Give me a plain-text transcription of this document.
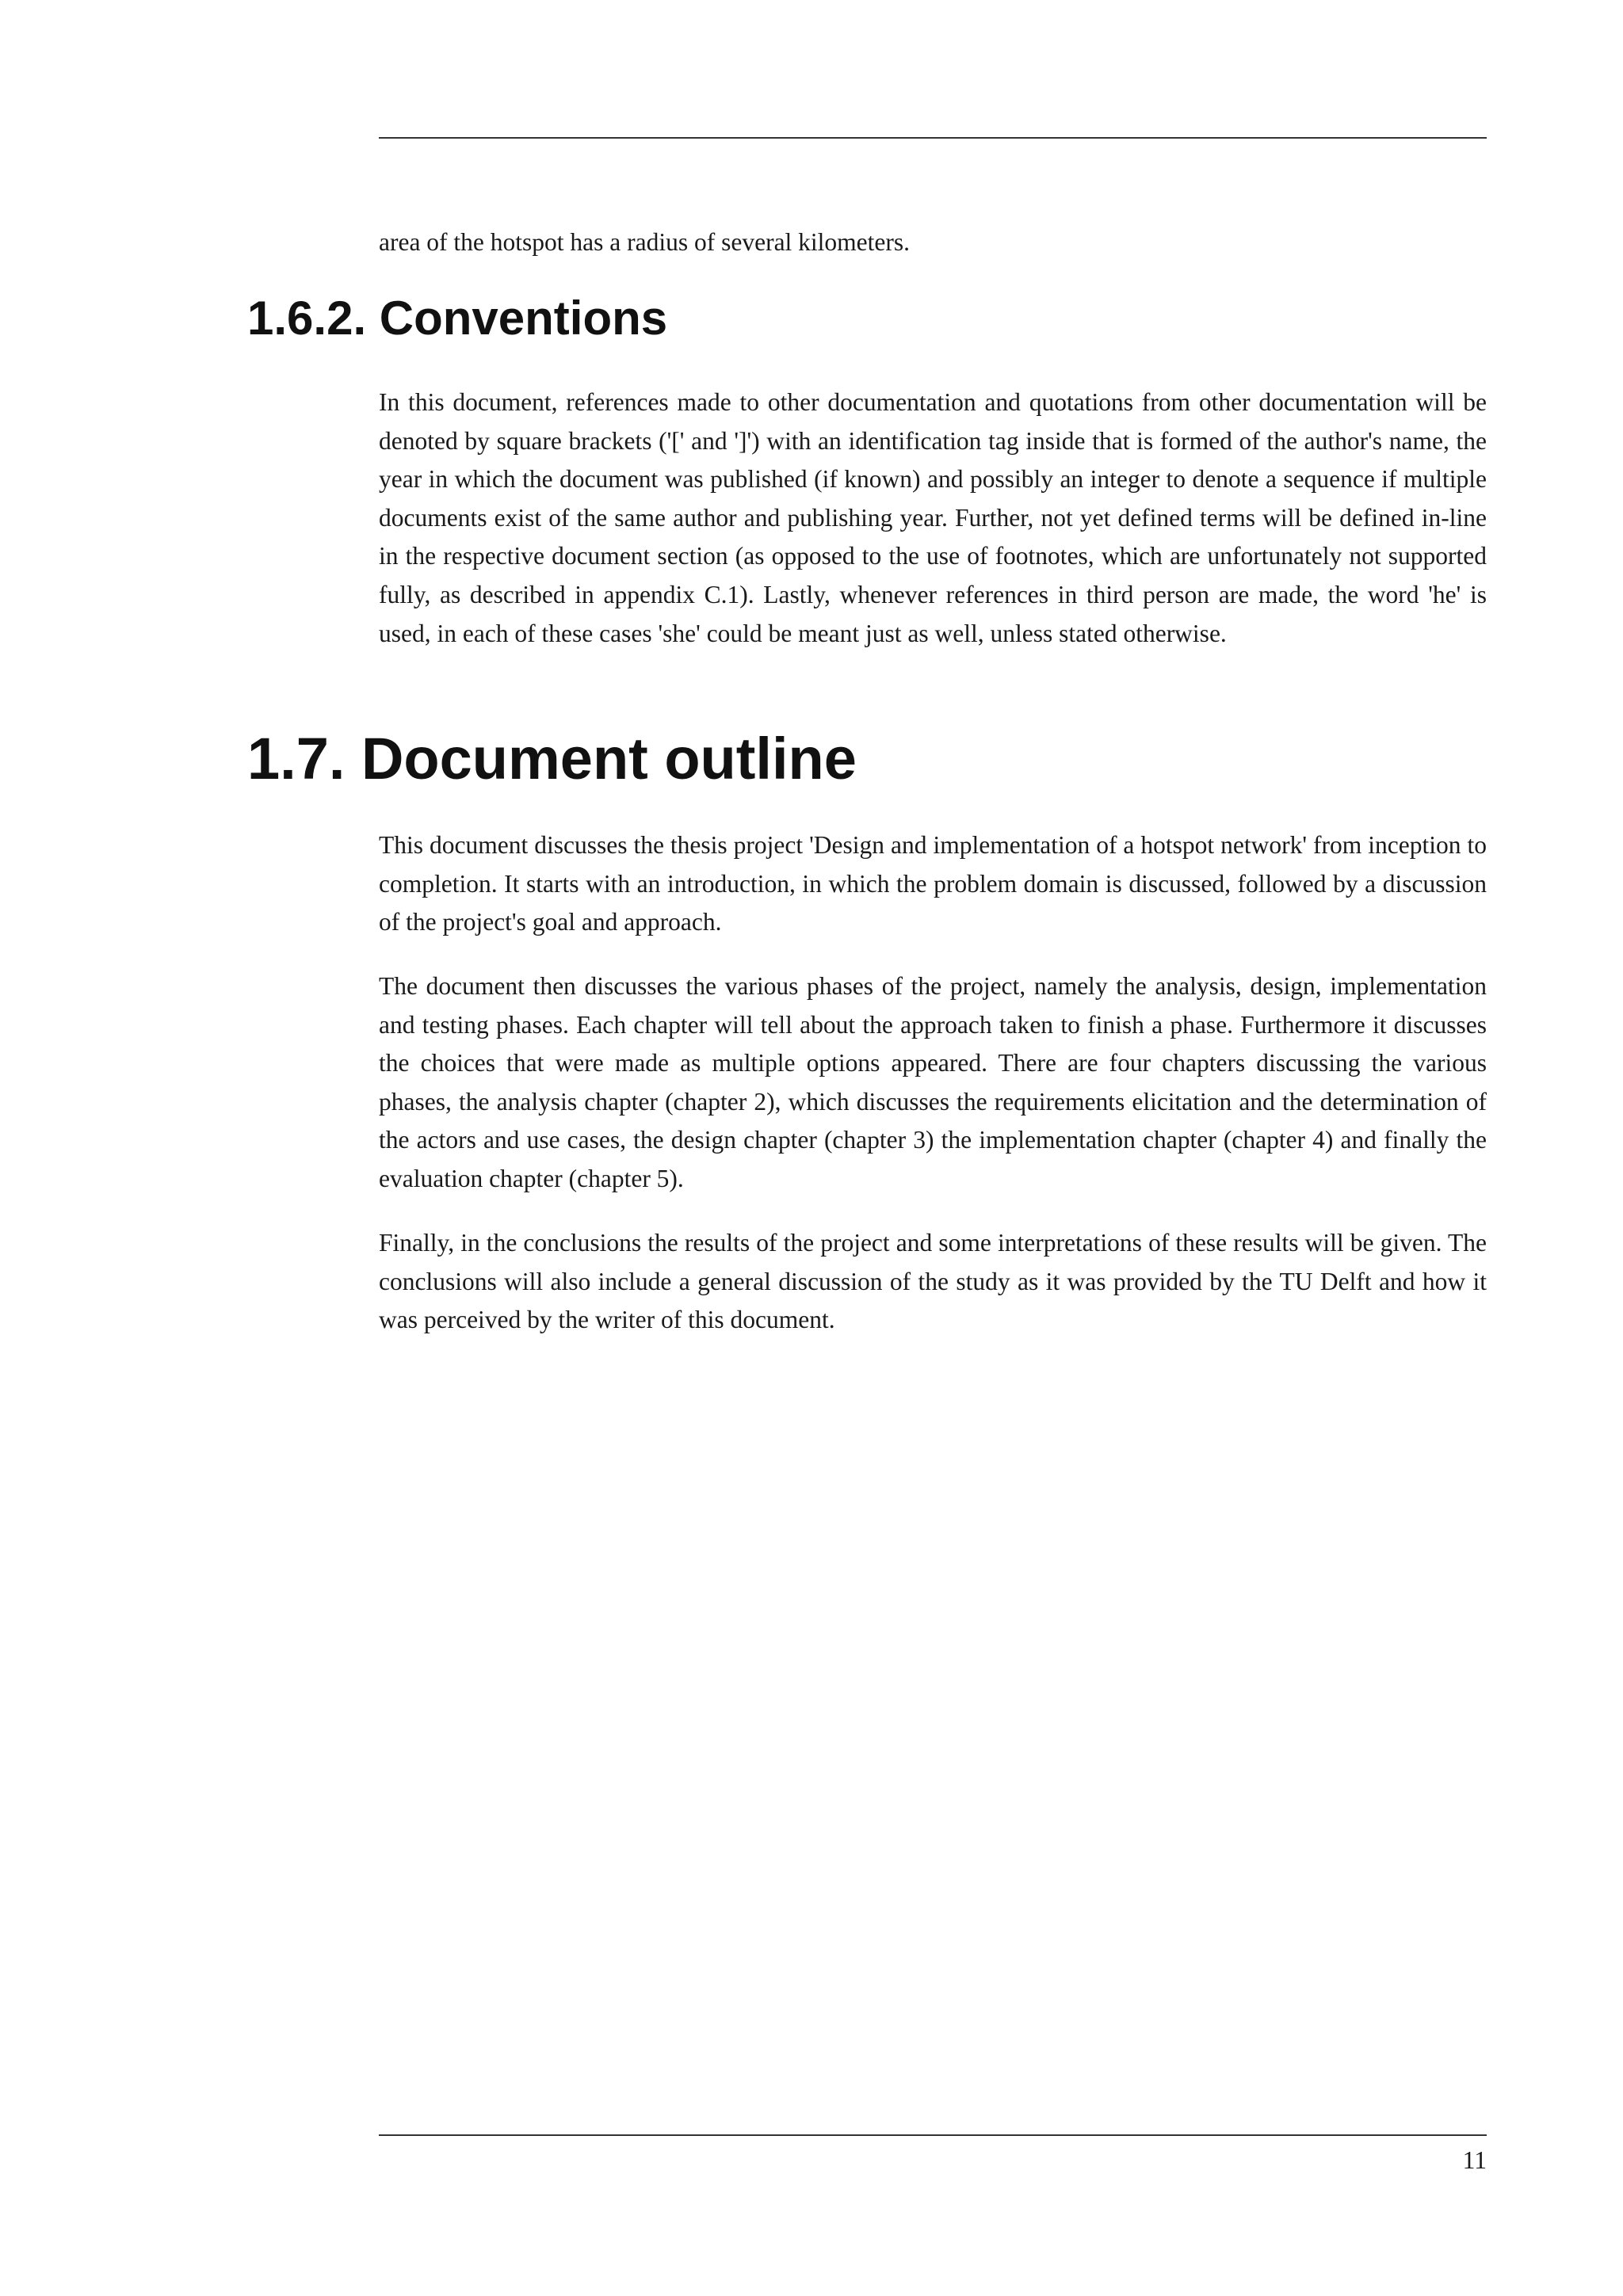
area of the hotspot has a radius of several kilometers.

1.6.2. Conventions

In this document, references made to other documentation and quotations from other documentation will be denoted by square brackets ('[' and ']') with an identification tag inside that is formed of the author's name, the year in which the document was published (if known) and possibly an integer to denote a sequence if multiple documents exist of the same author and publishing year. Further, not yet defined terms will be defined in-line in the respective document section (as opposed to the use of footnotes, which are unfortunately not supported fully, as described in appendix C.1). Lastly, whenever references in third person are made, the word 'he' is used, in each of these cases 'she' could be meant just as well, unless stated otherwise.

1.7. Document outline

This document discusses the thesis project 'Design and implementation of a hotspot network' from inception to completion. It starts with an introduction, in which the problem domain is discussed, followed by a discussion of the project's goal and approach.

The document then discusses the various phases of the project, namely the analysis, design, implementation and testing phases. Each chapter will tell about the approach taken to finish a phase. Furthermore it discusses the choices that were made as multiple options appeared. There are four chapters discussing the various phases, the analysis chapter (chapter 2), which discusses the requirements elicitation and the determination of the actors and use cases, the design chapter (chapter 3) the implementation chapter (chapter 4) and finally the evaluation chapter (chapter 5).

Finally, in the conclusions the results of the project and some interpretations of these results will be given. The conclusions will also include a general discussion of the study as it was provided by the TU Delft and how it was perceived by the writer of this document.

11
